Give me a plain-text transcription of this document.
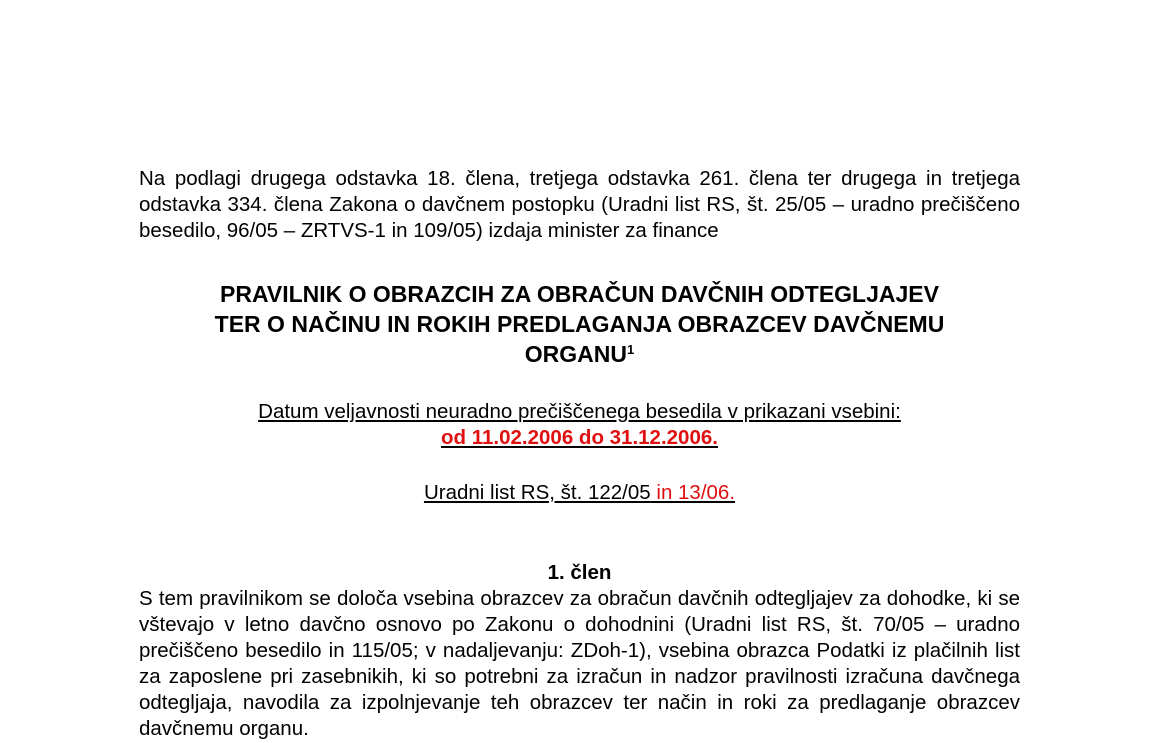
Na podlagi drugega odstavka 18. člena, tretjega odstavka 261. člena ter drugega in tretjega odstavka 334. člena Zakona o davčnem postopku (Uradni list RS, št. 25/05 – uradno prečiščeno besedilo, 96/05 – ZRTVS-1 in 109/05) izdaja minister za finance

PRAVILNIK O OBRAZCIH ZA OBRAČUN DAVČNIH ODTEGLJAJEV
TER O NAČINU IN ROKIH PREDLAGANJA OBRAZCEV DAVČNEMU
ORGANU$^1$

Datum veljavnosti neuradno prečiščenega besedila v prikazani vsebini:
od 11.02.2006 do 31.12.2006.

Uradni list RS, št. 122/05 in 13/06.

1. člen

S tem pravilnikom se določa vsebina obrazcev za obračun davčnih odtegljajev za dohodke, ki se vštevajo v letno davčno osnovo po Zakonu o dohodnini (Uradni list RS, št. 70/05 – uradno prečiščeno besedilo in 115/05; v nadaljevanju: ZDoh-1), vsebina obrazca Podatki iz plačilnih list za zaposlene pri zasebnikih, ki so potrebni za izračun in nadzor pravilnosti izračuna davčnega odtegljaja, navodila za izpolnjevanje teh obrazcev ter način in roki za predlaganje obrazcev davčnemu organu.
